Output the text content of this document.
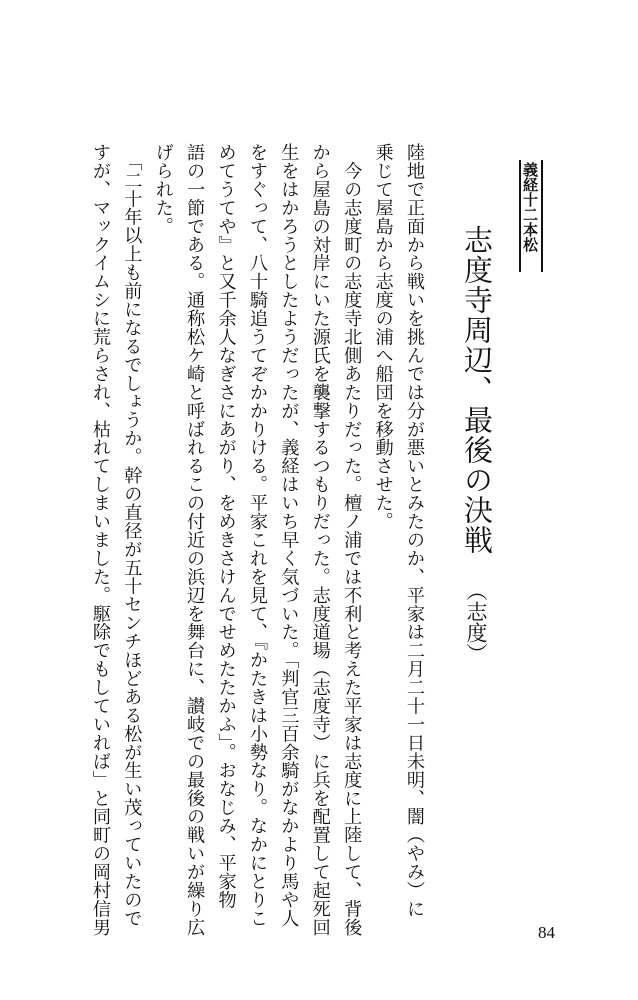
義経十二本松
志度寺周辺、最後の決戦
（志度）

陸地で正面から戦いを挑んでは分が悪いとみたのか、平家は二月二十一日未明、闇（やみ）に

乗じて屋島から志度の浦へ船団を移動させた。

　今の志度町の志度寺北側あたりだった。檀ノ浦では不利と考えた平家は志度に上陸して、背後

から屋島の対岸にいた源氏を襲撃するつもりだった。志度道場（志度寺）に兵を配置して起死回

生をはかろうとしたようだったが、義経はいち早く気づいた。「判官三百余騎がなかより馬や人

をすぐって、八十騎追うてぞかかりける。平家これを見て、『かたきは小勢なり。なかにとりこ

めてうてや』と又千余人なぎさにあがり、をめきさけんでせめたたかふ」。おなじみ、平家物

語の一節である。通称松ケ崎と呼ばれるこの付近の浜辺を舞台に、讃岐での最後の戦いが繰り広

げられた。

　「二十年以上も前になるでしょうか。幹の直径が五十センチほどある松が生い茂っていたので

すが、マックイムシに荒らされ、枯れてしまいました。駆除でもしていれば」と同町の岡村信男	84
